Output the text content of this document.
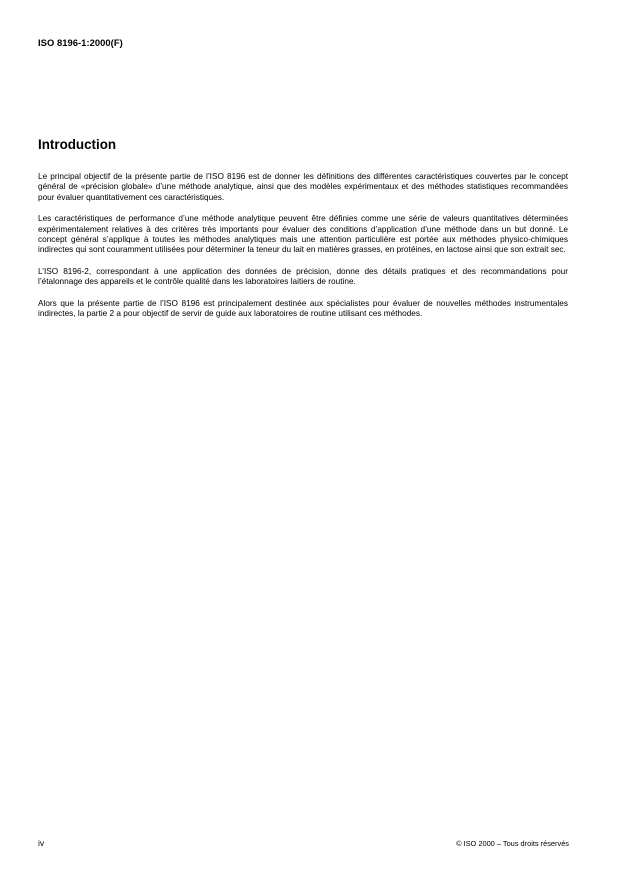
ISO 8196-1:2000(F)
Introduction

Le principal objectif de la présente partie de l’ISO 8196 est de donner les définitions des différentes caractéristiques couvertes par le concept général de «précision globale» d’une méthode analytique, ainsi que des modèles expérimentaux et des méthodes statistiques recommandées pour évaluer quantitativement ces caractéristiques.

Les caractéristiques de performance d’une méthode analytique peuvent être définies comme une série de valeurs quantitatives déterminées expérimentalement relatives à des critères très importants pour évaluer des conditions d’application d’une méthode dans un but donné. Le concept général s’applique à toutes les méthodes analytiques mais une attention particulière est portée aux méthodes physico-chimiques indirectes qui sont couramment utilisées pour déterminer la teneur du lait en matières grasses, en protéines, en lactose ainsi que son extrait sec.

L’ISO 8196-2, correspondant à une application des données de précision, donne des détails pratiques et des recommandations pour l’étalonnage des appareils et le contrôle qualité dans les laboratoires laitiers de routine.

Alors que la présente partie de l’ISO 8196 est principalement destinée aux spécialistes pour évaluer de nouvelles méthodes instrumentales indirectes, la partie 2 a pour objectif de servir de guide aux laboratoires de routine utilisant ces méthodes.

iv	© ISO 2000 – Tous droits réservés
